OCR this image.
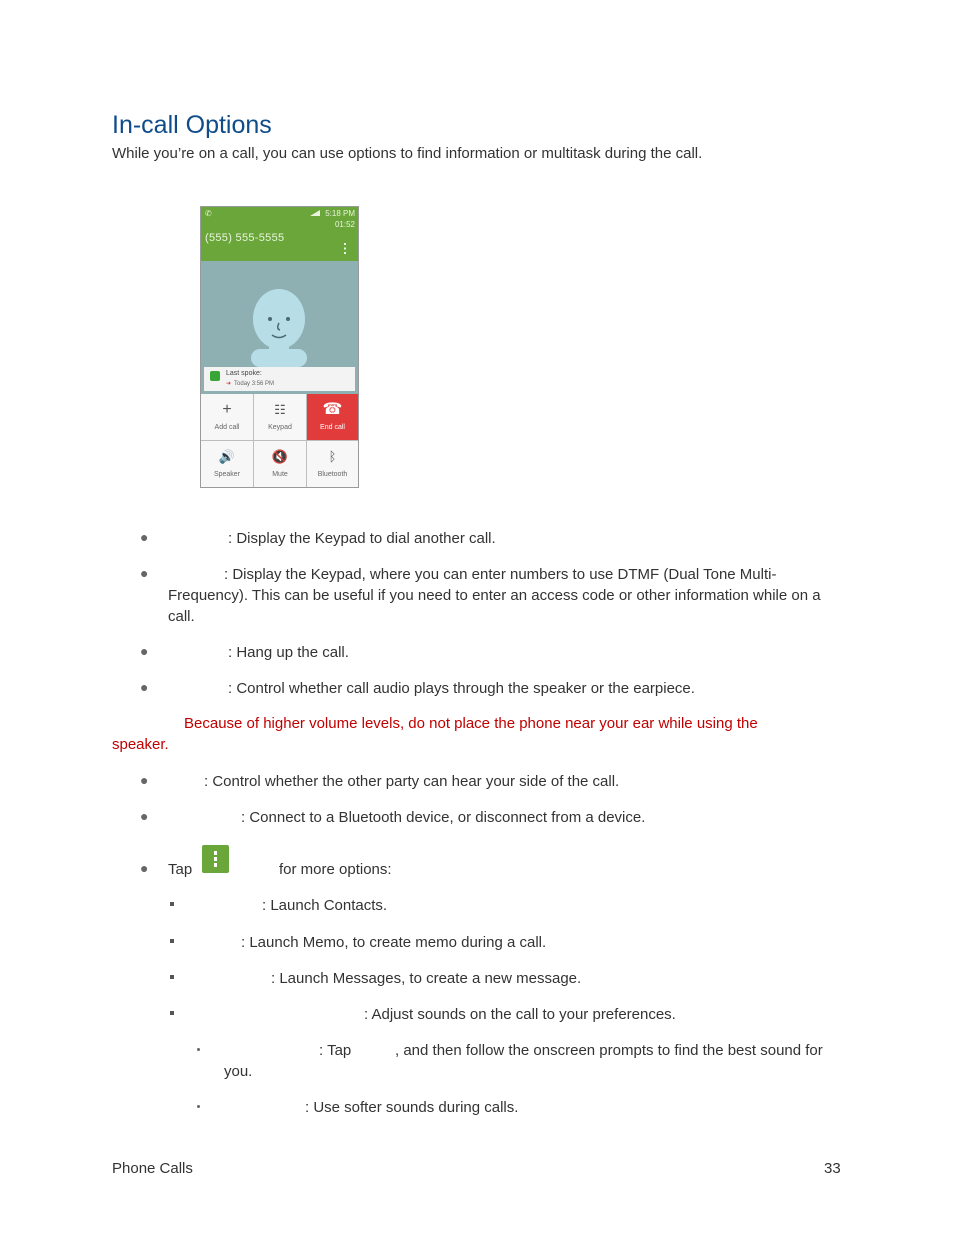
In-call Options
While you’re on a call, you can use options to find information or multitask during the call.
✆	5:18 PM
01:52
(555) 555-5555
Last spoke:
➜ Today 3:56 PM
+
Add call
☷
Keypad
☎
End call
🔊
Speaker
🔇
Mute
ᛒ
Bluetooth
●	: Display the Keypad to dial another call.
●	: Display the Keypad, where you can enter numbers to use DTMF (Dual Tone Multi-Frequency). This can be useful if you need to enter an access code or other information while on a call.
●	: Hang up the call.
●	: Control whether call audio plays through the speaker or the earpiece.
Because of higher volume levels, do not place the phone near your ear while using the speaker.
●	: Control whether the other party can hear your side of the call.
●	: Connect to a Bluetooth device, or disconnect from a device.
● Tap	for more options:
: Launch Contacts.
: Launch Memo, to create memo during a call.
: Launch Messages, to create a new message.
: Adjust sounds on the call to your preferences.
: Tap	, and then follow the onscreen prompts to find the best sound for you.
: Use softer sounds during calls.
Phone Calls	33
